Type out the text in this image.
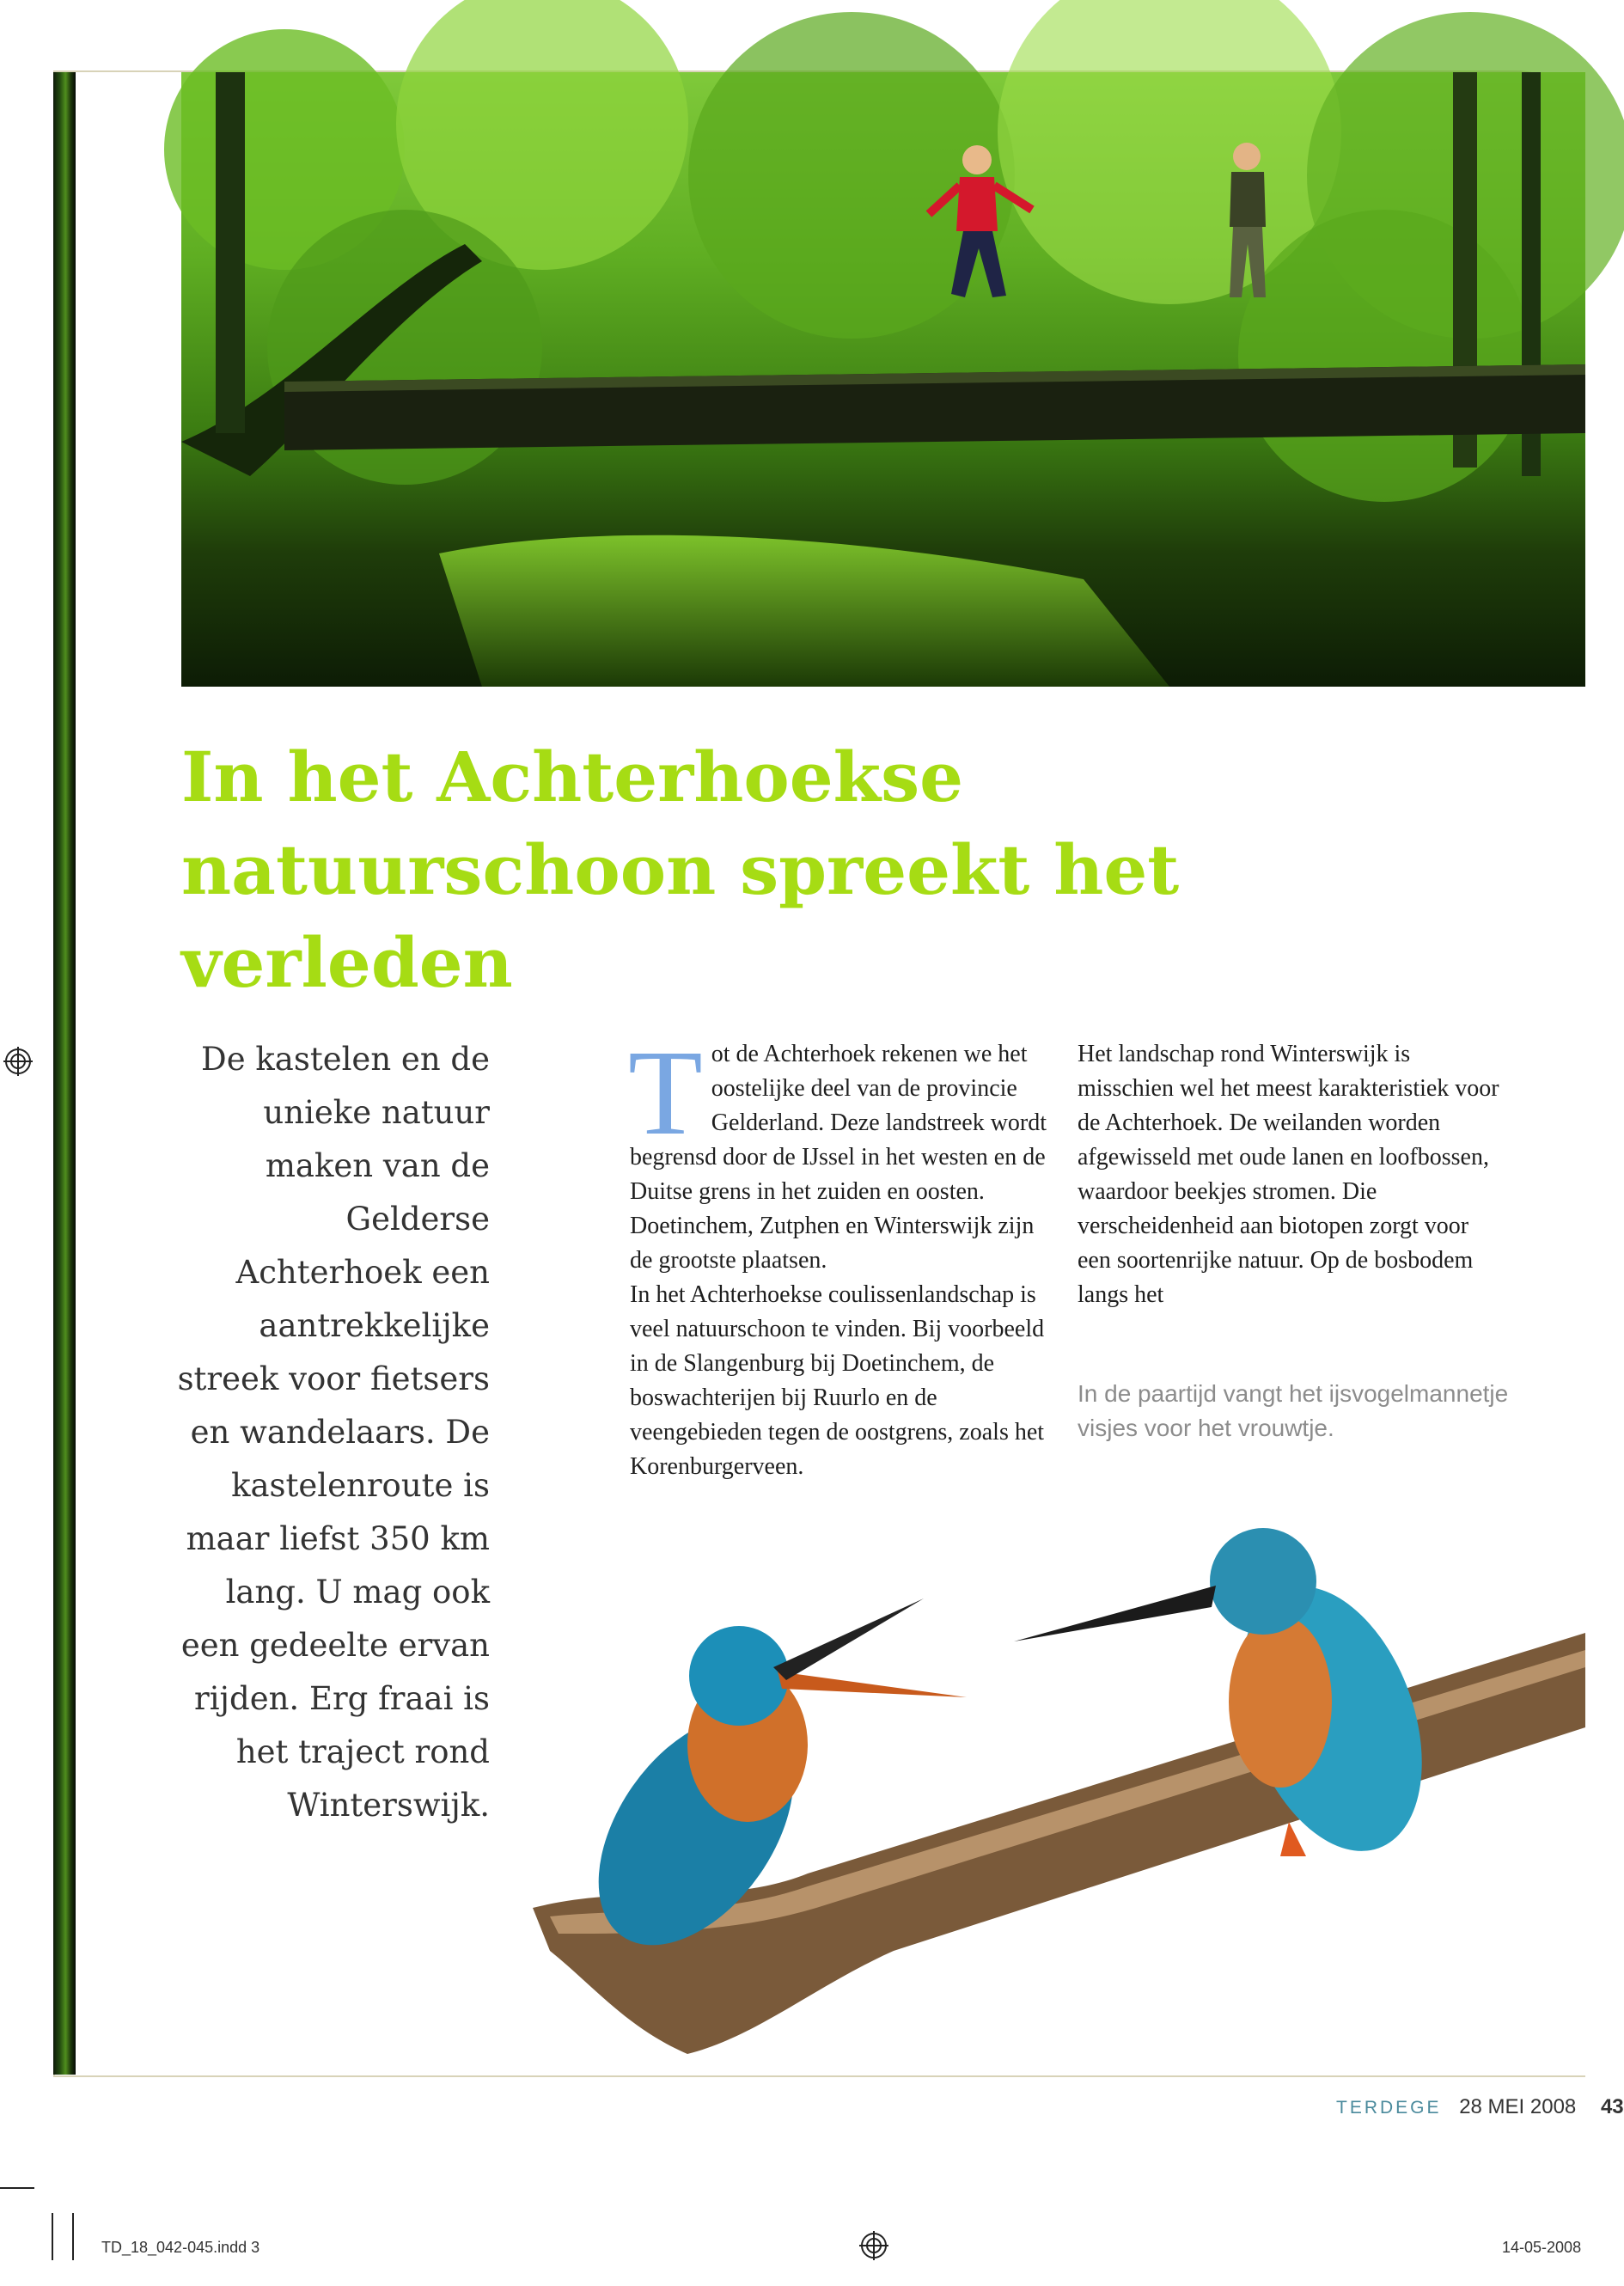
In het Achterhoekse natuurschoon spreekt het verleden

De kastelen en de unieke natuur maken van de Gelderse Achterhoek een aantrekkelijke streek voor fietsers en wandelaars. De kastelenroute is maar liefst 350 km lang. U mag ook een gedeelte ervan rijden. Erg fraai is het traject rond Winterswijk.

T ot de Achterhoek rekenen we het oostelijke deel van de provincie Gelderland. Deze landstreek wordt begrensd door de IJssel in het westen en de Duitse grens in het zuiden en oosten. Doetinchem, Zutphen en Winterswijk zijn de grootste plaatsen.
In het Achterhoekse coulissenlandschap is veel natuurschoon te vinden. Bij voorbeeld in de Slangenburg bij Doetinchem, de boswachterijen bij Ruurlo en de veengebieden tegen de oostgrens, zoals het Korenburgerveen.
Het landschap rond Winterswijk is misschien wel het meest karakteristiek voor de Achterhoek. De weilanden worden afgewisseld met oude lanen en loofbossen, waardoor beekjes stromen. Die verscheidenheid aan biotopen zorgt voor een soortenrijke natuur. Op de bosbodem langs het

In de paartijd vangt het ijsvogelmannetje visjes voor het vrouwtje.

TERDEGE 28 MEI 2008 43
TD_18_042-045.indd 3	14-05-2008
